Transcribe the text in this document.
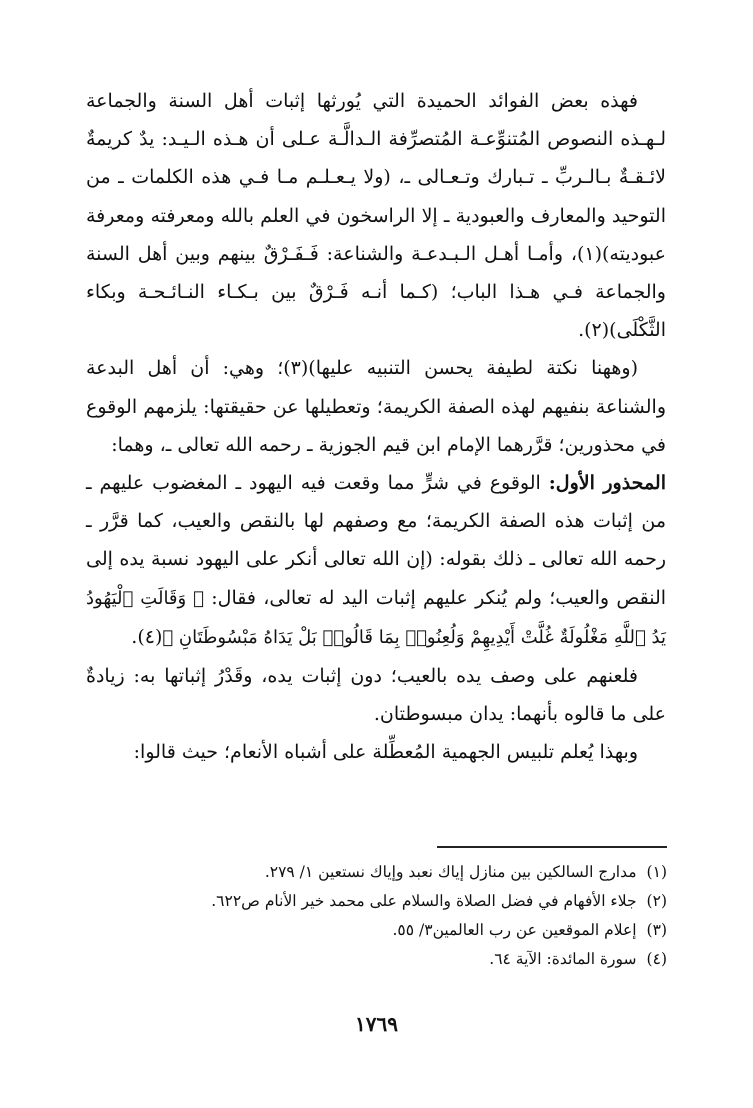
فهذه بعض الفوائد الحميدة التي يُورثها إثبات أهل السنة والجماعة لـهـذه النصوص المُتنوِّعـة المُتصرِّفة الـدالَّـة عـلى أن هـذه الـيـد: يدٌ كريمةٌ لائـقـةٌ بـالـربِّ ـ تـبارك وتـعـالى ـ، (ولا يـعـلـم مـا فـي هذه الكلمات ـ من التوحيد والمعارف والعبودية ـ إلا الراسخون في العلم بالله ومعرفته ومعرفة عبوديته)(١)، وأمـا أهـل الـبـدعـة والشناعة: فَـفَـرْقٌ بينهم وبين أهل السنة والجماعة فـي هـذا الباب؛ (كـما أنـه فَـرْقٌ بين بـكـاء النـائـحـة وبكاء الثَّكْلَى)(٢).

(وههنا نكتة لطيفة يحسن التنبيه عليها)(٣)؛ وهي: أن أهل البدعة والشناعة بنفيهم لهذه الصفة الكريمة؛ وتعطيلها عن حقيقتها: يلزمهم الوقوع في محذورين؛ قرَّرهما الإمام ابن قيم الجوزية ـ رحمه الله تعالى ـ، وهما:

المحذور الأول: الوقوع في شرٍّ مما وقعت فيه اليهود ـ المغضوب عليهم ـ من إثبات هذه الصفة الكريمة؛ مع وصفهم لها بالنقص والعيب، كما قرَّر ـ رحمه الله تعالى ـ ذلك بقوله: (إن الله تعالى أنكر على اليهود نسبة يده إلى النقص والعيب؛ ولم يُنكر عليهم إثبات اليد له تعالى، فقال: ﴿ وَقَالَتِ ٱلْيَهُودُ يَدُ ٱللَّهِ مَغْلُولَةٌ غُلَّتْ أَيْدِيهِمْ وَلُعِنُوا۟ بِمَا قَالُوا۟ بَلْ يَدَاهُ مَبْسُوطَتَانِ ﴾(٤).

فلعنهم على وصف يده بالعيب؛ دون إثبات يده، وقَدْرُ إثباتها به: زيادةٌ على ما قالوه بأنهما: يدان مبسوطتان.

وبهذا يُعلم تلبيس الجهمية المُعطِّلة على أشباه الأنعام؛ حيث قالوا:

(١)مدارج السالكين بين منازل إياك نعبد وإياك نستعين ١/ ٢٧٩.

(٢)جلاء الأفهام في فضل الصلاة والسلام على محمد خير الأنام ص٦٢٢.

(٣)إعلام الموقعين عن رب العالمين٣/ ٥٥.

(٤)سورة المائدة: الآية ٦٤.

١٧٦٩
